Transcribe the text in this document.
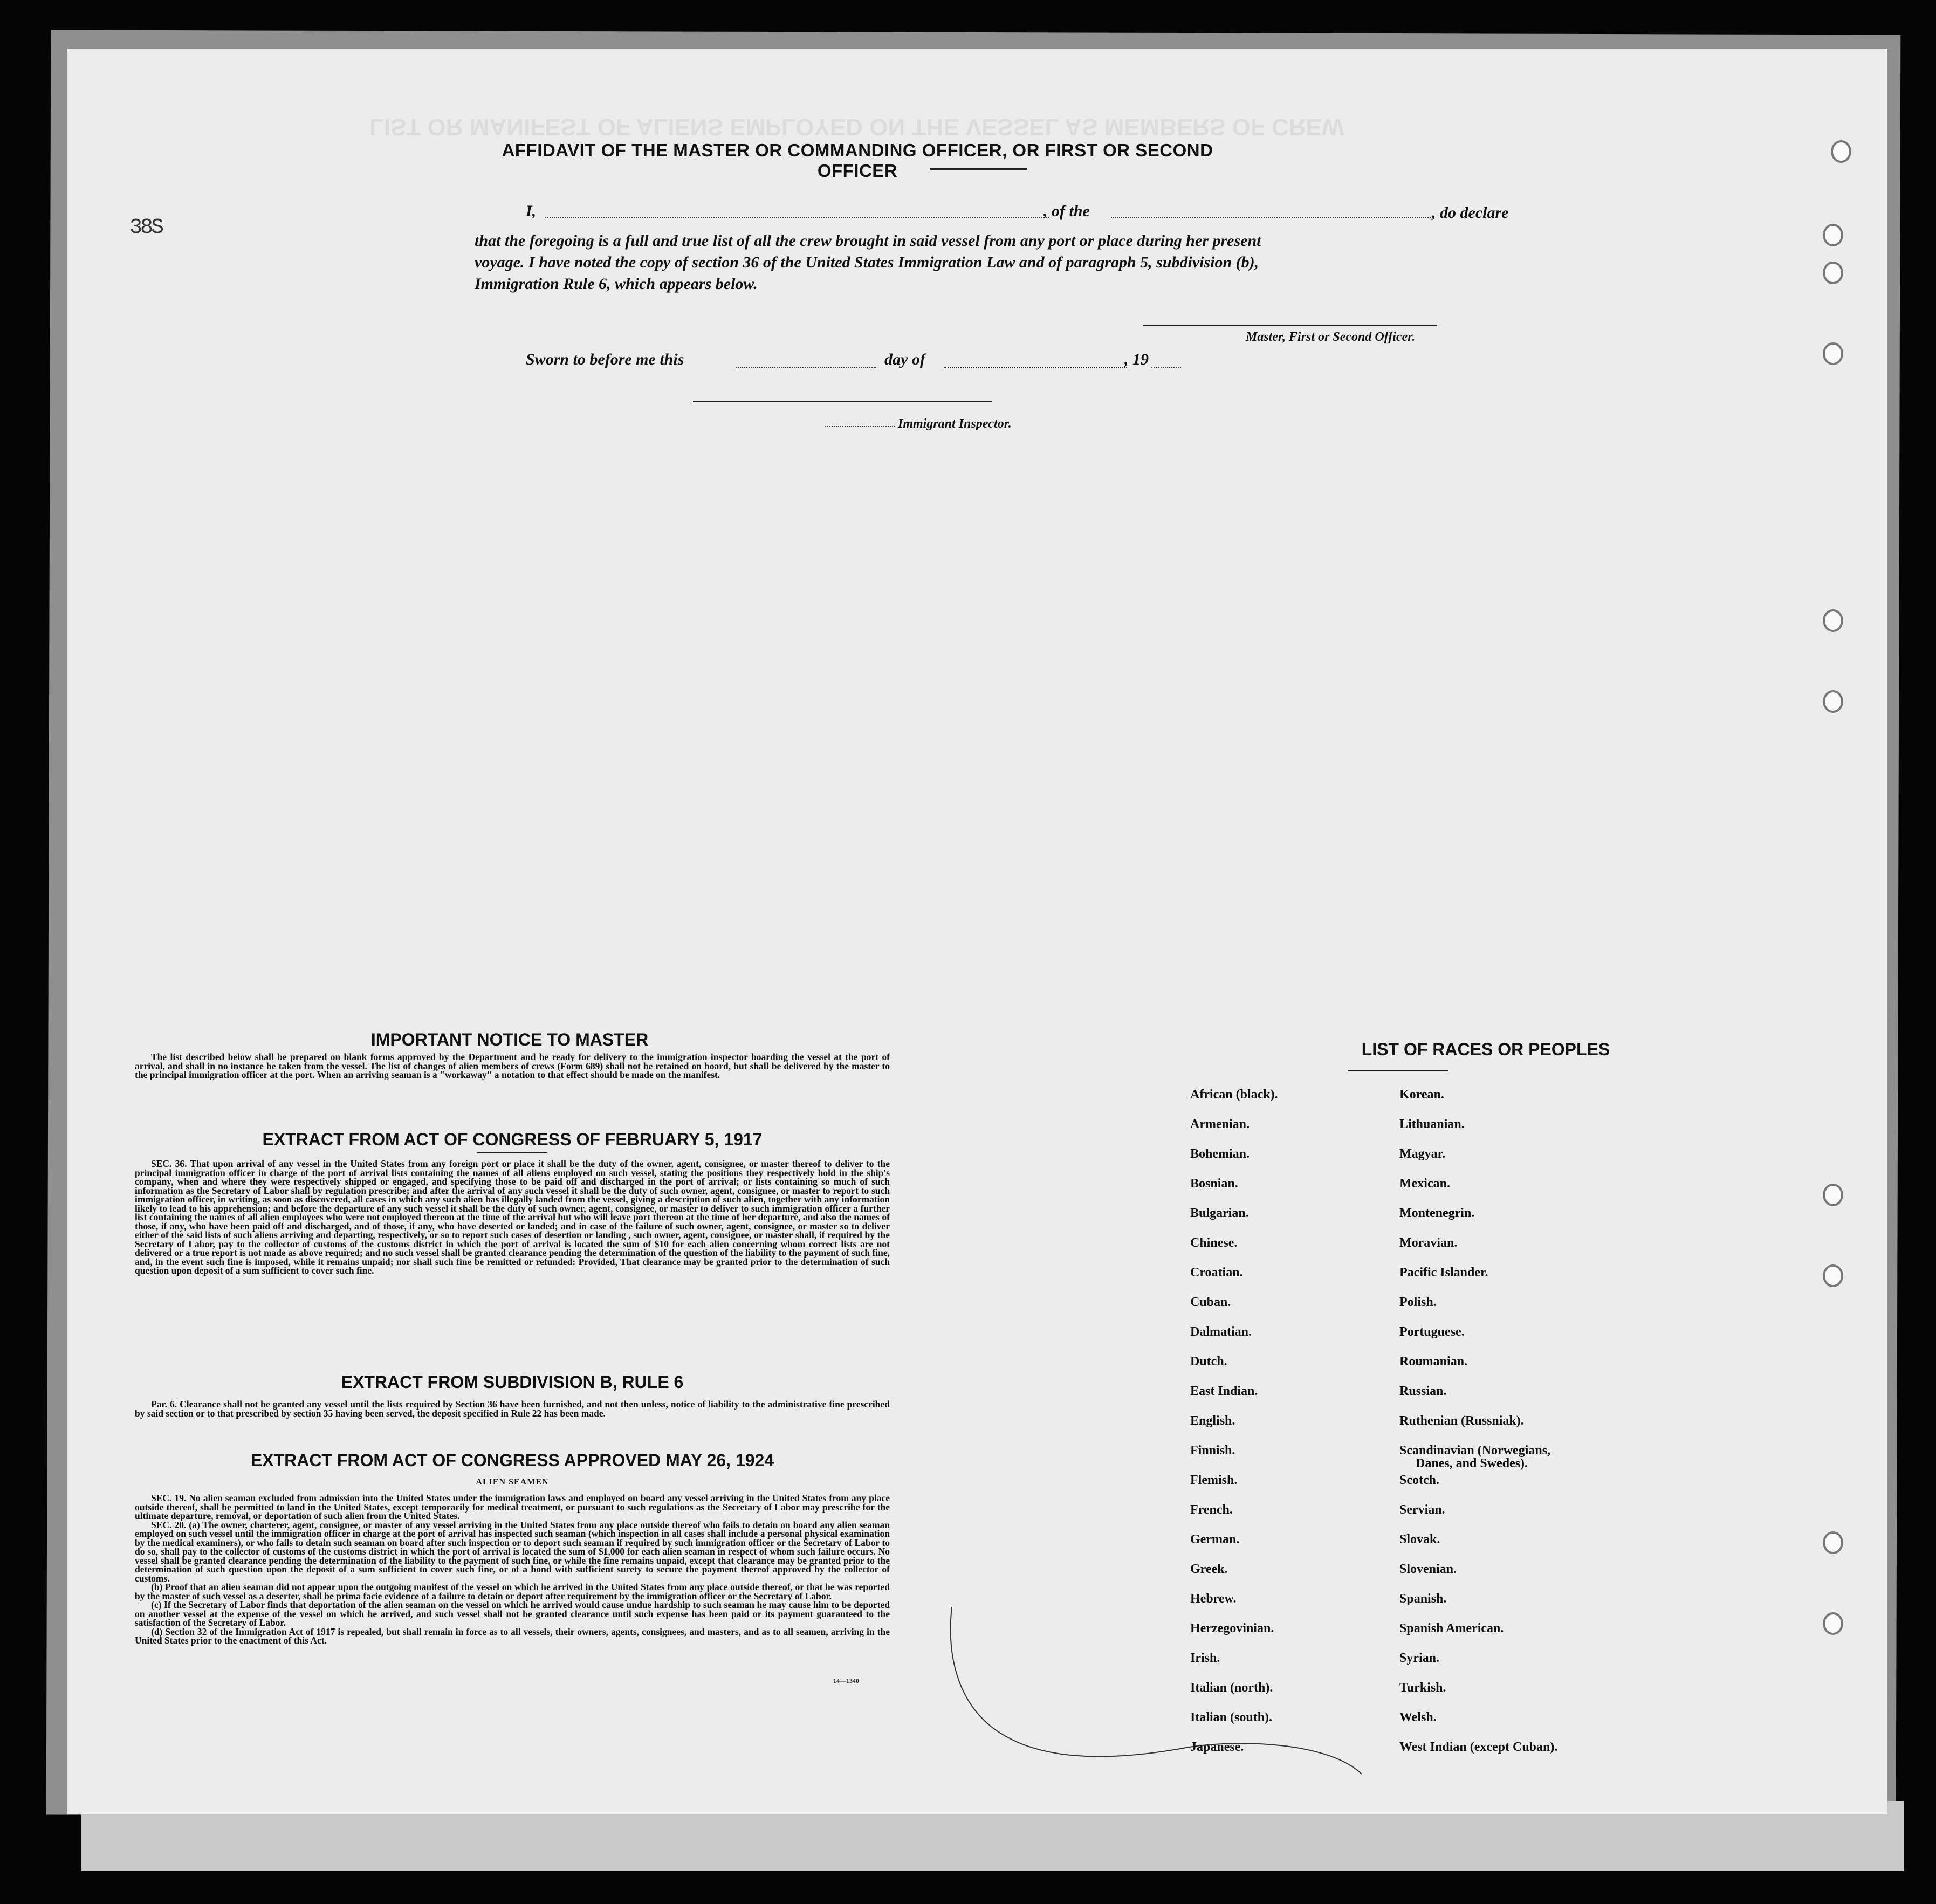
LIST OR MANIFEST OF ALIENS EMPLOYED ON THE VESSEL AS MEMBERS OF CREW
38S
AFFIDAVIT OF THE MASTER OR COMMANDING OFFICER, OR FIRST OR SECOND OFFICER
I,	, of the	, do declare
that the foregoing is a full and true list of all the crew brought in said vessel from any port or place during her present
voyage. I have noted the copy of section 36 of the United States Immigration Law and of paragraph 5, subdivision (b),
Immigration Rule 6, which appears below.
Master, First or Second Officer.
Sworn to before me this	day of	, 19
Immigrant Inspector.
IMPORTANT NOTICE TO MASTER

The list described below shall be prepared on blank forms approved by the Department and be ready for delivery to the immigration inspector boarding the vessel at the port of arrival, and shall in no instance be taken from the vessel. The list of changes of alien members of crews (Form 689) shall not be retained on board, but shall be delivered by the master to the principal immigration officer at the port. When an arriving seaman is a "workaway" a notation to that effect should be made on the manifest.

EXTRACT FROM ACT OF CONGRESS OF FEBRUARY 5, 1917

SEC. 36. That upon arrival of any vessel in the United States from any foreign port or place it shall be the duty of the owner, agent, consignee, or master thereof to deliver to the principal immigration officer in charge of the port of arrival lists containing the names of all aliens employed on such vessel, stating the positions they respectively hold in the ship's company, when and where they were respectively shipped or engaged, and specifying those to be paid off and discharged in the port of arrival; or lists containing so much of such information as the Secretary of Labor shall by regulation prescribe; and after the arrival of any such vessel it shall be the duty of such owner, agent, consignee, or master to report to such immigration officer, in writing, as soon as discovered, all cases in which any such alien has illegally landed from the vessel, giving a description of such alien, together with any information likely to lead to his apprehension; and before the departure of any such vessel it shall be the duty of such owner, agent, consignee, or master to deliver to such immigration officer a further list containing the names of all alien employees who were not employed thereon at the time of the arrival but who will leave port thereon at the time of her departure, and also the names of those, if any, who have been paid off and discharged, and of those, if any, who have deserted or landed; and in case of the failure of such owner, agent, consignee, or master so to deliver either of the said lists of such aliens arriving and departing, respectively, or so to report such cases of desertion or landing , such owner, agent, consignee, or master shall, if required by the Secretary of Labor, pay to the collector of customs of the customs district in which the port of arrival is located the sum of $10 for each alien concerning whom correct lists are not delivered or a true report is not made as above required; and no such vessel shall be granted clearance pending the determination of the question of the liability to the payment of such fine, and, in the event such fine is imposed, while it remains unpaid; nor shall such fine be remitted or refunded: Provided, That clearance may be granted prior to the determination of such question upon deposit of a sum sufficient to cover such fine.

EXTRACT FROM SUBDIVISION B, RULE 6

Par. 6. Clearance shall not be granted any vessel until the lists required by Section 36 have been furnished, and not then unless, notice of liability to the administrative fine prescribed by said section or to that prescribed by section 35 having been served, the deposit specified in Rule 22 has been made.

EXTRACT FROM ACT OF CONGRESS APPROVED MAY 26, 1924
ALIEN SEAMEN

SEC. 19. No alien seaman excluded from admission into the United States under the immigration laws and employed on board any vessel arriving in the United States from any place outside thereof, shall be permitted to land in the United States, except temporarily for medical treatment, or pursuant to such regulations as the Secretary of Labor may prescribe for the ultimate departure, removal, or deportation of such alien from the United States.

SEC. 20. (a) The owner, charterer, agent, consignee, or master of any vessel arriving in the United States from any place outside thereof who fails to detain on board any alien seaman employed on such vessel until the immigration officer in charge at the port of arrival has inspected such seaman (which inspection in all cases shall include a personal physical examination by the medical examiners), or who fails to detain such seaman on board after such inspection or to deport such seaman if required by such immigration officer or the Secretary of Labor to do so, shall pay to the collector of customs of the customs district in which the port of arrival is located the sum of $1,000 for each alien seaman in respect of whom such failure occurs. No vessel shall be granted clearance pending the determination of the liability to the payment of such fine, or while the fine remains unpaid, except that clearance may be granted prior to the determination of such question upon the deposit of a sum sufficient to cover such fine, or of a bond with sufficient surety to secure the payment thereof approved by the collector of customs.

(b) Proof that an alien seaman did not appear upon the outgoing manifest of the vessel on which he arrived in the United States from any place outside thereof, or that he was reported by the master of such vessel as a deserter, shall be prima facie evidence of a failure to detain or deport after requirement by the immigration officer or the Secretary of Labor.

(c) If the Secretary of Labor finds that deportation of the alien seaman on the vessel on which he arrived would cause undue hardship to such seaman he may cause him to be deported on another vessel at the expense of the vessel on which he arrived, and such vessel shall not be granted clearance until such expense has been paid or its payment guaranteed to the satisfaction of the Secretary of Labor.

(d) Section 32 of the Immigration Act of 1917 is repealed, but shall remain in force as to all vessels, their owners, agents, consignees, and masters, and as to all seamen, arriving in the United States prior to the enactment of this Act.

14—1340
LIST OF RACES OR PEOPLES
African (black).
Armenian.
Bohemian.
Bosnian.
Bulgarian.
Chinese.
Croatian.
Cuban.
Dalmatian.
Dutch.
East Indian.
English.
Finnish.
Flemish.
French.
German.
Greek.
Hebrew.
Herzegovinian.
Irish.
Italian (north).
Italian (south).
Japanese.
Korean.
Lithuanian.
Magyar.
Mexican.
Montenegrin.
Moravian.
Pacific Islander.
Polish.
Portuguese.
Roumanian.
Russian.
Ruthenian (Russniak).
Scandinavian (Norwegians,
Danes, and Swedes).
Scotch.
Servian.
Slovak.
Slovenian.
Spanish.
Spanish American.
Syrian.
Turkish.
Welsh.
West Indian (except Cuban).
